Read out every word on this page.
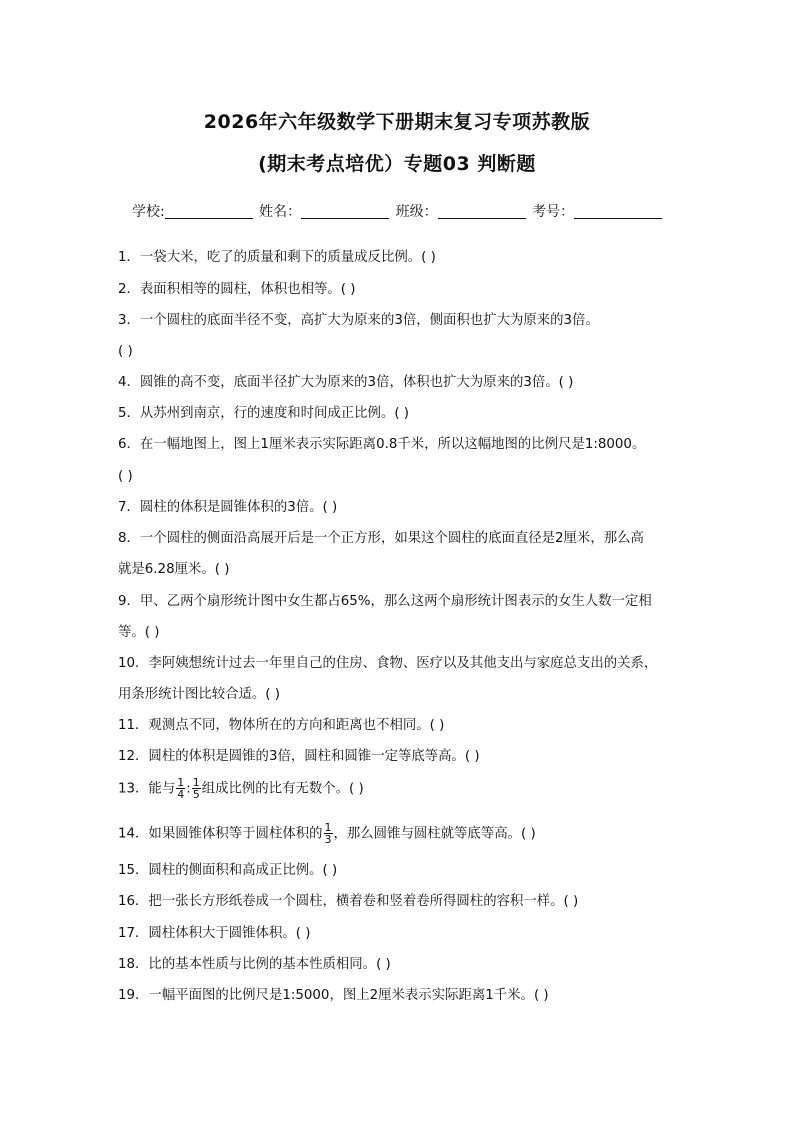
2026年六年级数学下册期末复习专项苏教版
(期末考点培优）专题03 判断题
学校:	姓名：	班级：	考号：
1．一袋大米，吃了的质量和剩下的质量成反比例。( )
2．表面积相等的圆柱，体积也相等。( )
3．一个圆柱的底面半径不变，高扩大为原来的3倍，侧面积也扩大为原来的3倍。
( )
4．圆锥的高不变，底面半径扩大为原来的3倍，体积也扩大为原来的3倍。( )
5．从苏州到南京，行的速度和时间成正比例。( )
6．在一幅地图上，图上1厘米表示实际距离0.8千米，所以这幅地图的比例尺是1:8000。
( )
7．圆柱的体积是圆锥体积的3倍。( )
8．一个圆柱的侧面沿高展开后是一个正方形，如果这个圆柱的底面直径是2厘米，那么高
就是6.28厘米。( )
9．甲、乙两个扇形统计图中女生都占65%，那么这两个扇形统计图表示的女生人数一定相
等。( )
10．李阿姨想统计过去一年里自己的住房、食物、医疗以及其他支出与家庭总支出的关系，
用条形统计图比较合适。( )
11．观测点不同，物体所在的方向和距离也不相同。( )
12．圆柱的体积是圆锥的3倍，圆柱和圆锥一定等底等高。( )
13．能与 $\frac{1}{4}$ : $\frac{1}{5}$ 组成比例的比有无数个。( )
14．如果圆锥体积等于圆柱体积的 $\frac{1}{3}$ ，那么圆锥与圆柱就等底等高。( )
15．圆柱的侧面积和高成正比例。( )
16．把一张长方形纸卷成一个圆柱，横着卷和竖着卷所得圆柱的容积一样。( )
17．圆柱体积大于圆锥体积。( )
18．比的基本性质与比例的基本性质相同。( )
19．一幅平面图的比例尺是1:5000，图上2厘米表示实际距离1千米。( )
